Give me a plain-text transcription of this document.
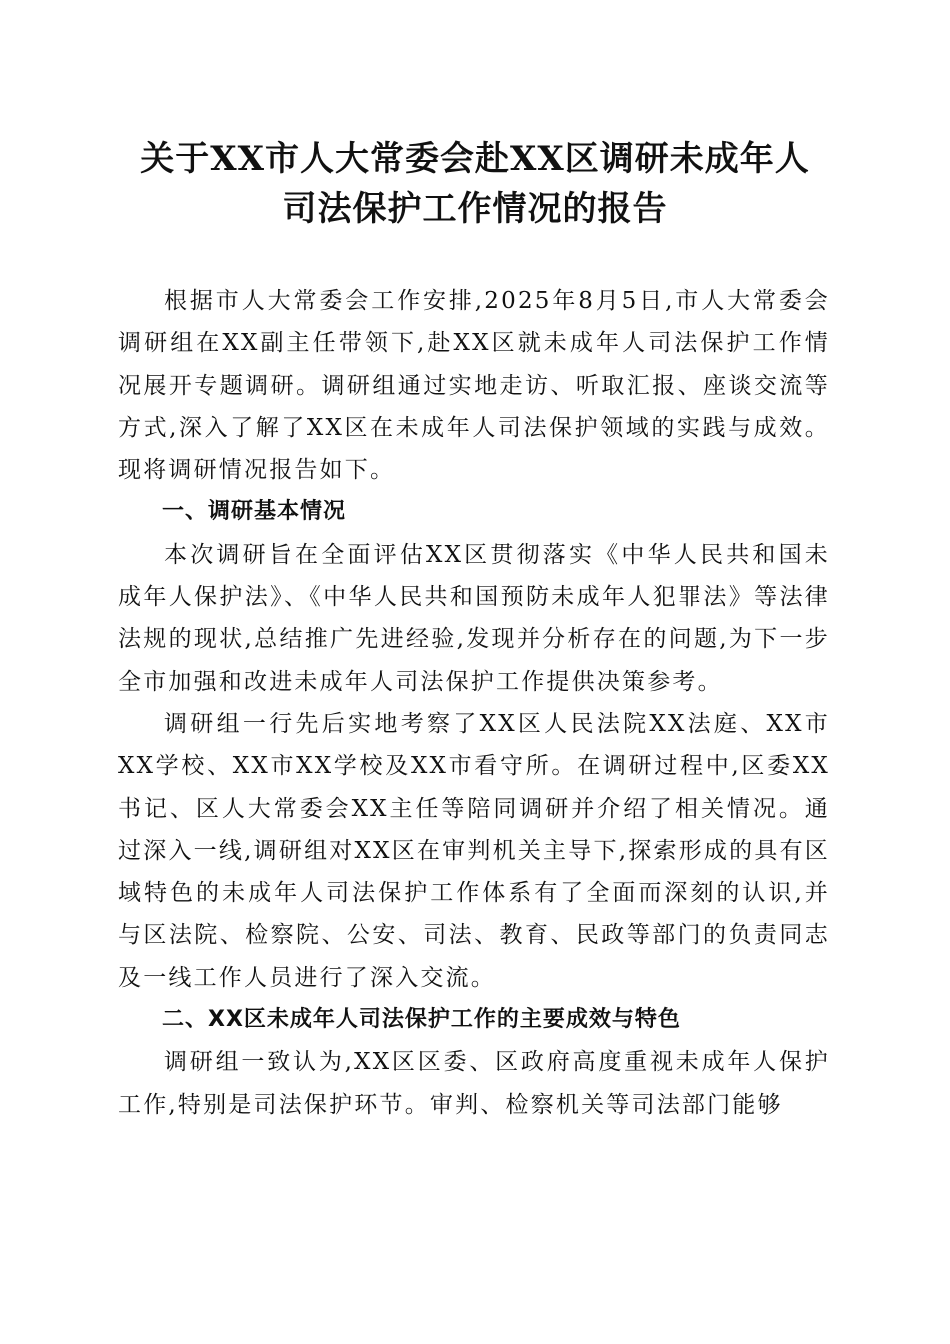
关于XX市人大常委会赴XX区调研未成年人
司法保护工作情况的报告

根据市人大常委会工作安排,2025年8月5日,市人大常委会调研组在XX副主任带领下,赴XX区就未成年人司法保护工作情况展开专题调研。调研组通过实地走访、听取汇报、座谈交流等方式,深入了解了XX区在未成年人司法保护领域的实践与成效。现将调研情况报告如下。

一、调研基本情况

本次调研旨在全面评估XX区贯彻落实《中华人民共和国未成年人保护法》、《中华人民共和国预防未成年人犯罪法》等法律法规的现状,总结推广先进经验,发现并分析存在的问题,为下一步全市加强和改进未成年人司法保护工作提供决策参考。

调研组一行先后实地考察了XX区人民法院XX法庭、XX市XX学校、XX市XX学校及XX市看守所。在调研过程中,区委XX书记、区人大常委会XX主任等陪同调研并介绍了相关情况。通过深入一线,调研组对XX区在审判机关主导下,探索形成的具有区域特色的未成年人司法保护工作体系有了全面而深刻的认识,并与区法院、检察院、公安、司法、教育、民政等部门的负责同志及一线工作人员进行了深入交流。

二、XX区未成年人司法保护工作的主要成效与特色

调研组一致认为,XX区区委、区政府高度重视未成年人保护工作,特别是司法保护环节。审判、检察机关等司法部门能够
